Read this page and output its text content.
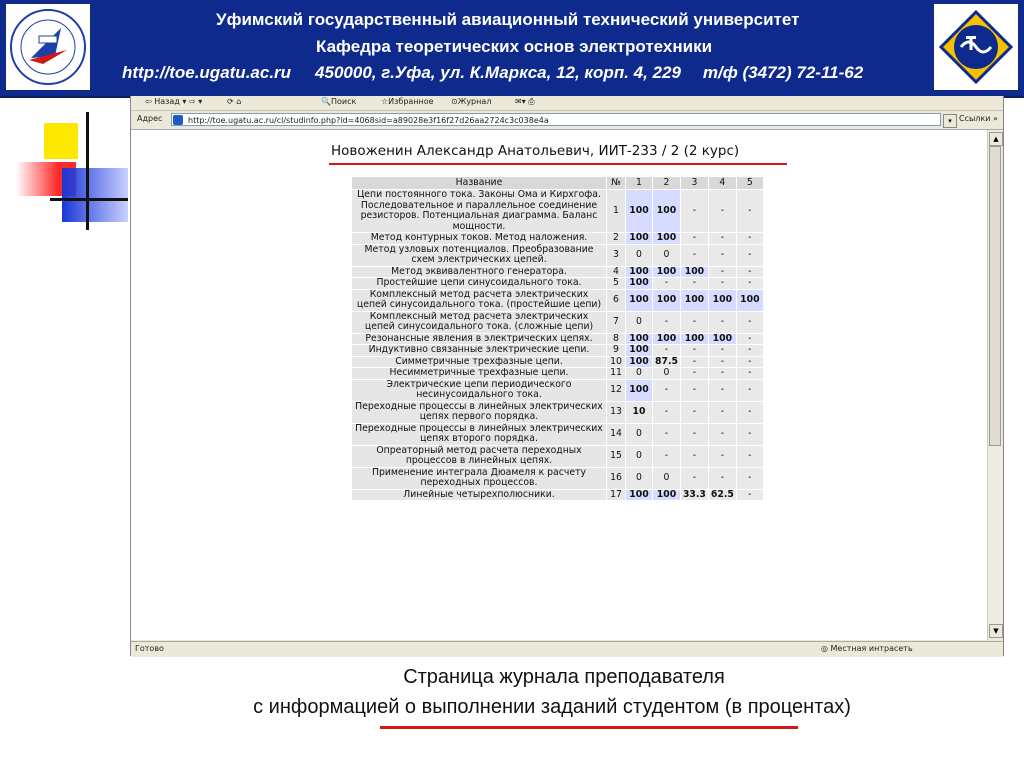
Уфимский государственный авиационный технический университет
Кафедра теоретических основ электротехники
http://toe.ugatu.ac.ru 450000, г.Уфа, ул. К.Маркса, 12, корп. 4, 229 т/ф (3472) 72-11-62
⇦ Назад ▾ ⇨ ▾	⟳ ⌂	🔍Поиск	☆Избранное ⊙Журнал	✉▾ ⎙
Адрес	http://toe.ugatu.ac.ru/cl/studinfo.php?id=4068sid=a89028e3f16f27d26aa2724c3c038e4a	▾ Ссылки »
Новоженин Александр Анатольевич, ИИТ-233 / 2 (2 курс)
Название	№	1	2	3	4	5
Цепи постоянного тока. Законы Ома и Кирхгофа. Последовательное и параллельное соединение резисторов. Потенциальная диаграмма. Баланс мощности.	1	100	100	-	-	-
Метод контурных токов. Метод наложения.	2	100	100	-	-	-
Метод узловых потенциалов. Преобразование схем электрических цепей.	3	0	0	-	-	-
Метод эквивалентного генератора.	4	100	100	100	-	-
Простейшие цепи синусоидального тока.	5	100	-	-	-	-
Комплексный метод расчета электрических цепей синусоидального тока. (простейшие цепи)	6	100	100	100	100	100
Комплексный метод расчета электрических цепей синусоидального тока. (сложные цепи)	7	0	-	-	-	-
Резонансные явления в электрических цепях.	8	100	100	100	100	-
Индуктивно связанные электрические цепи.	9	100	-	-	-	-
Симметричные трехфазные цепи.	10	100	87.5	-	-	-
Несимметричные трехфазные цепи.	11	0	0	-	-	-
Электрические цепи периодического несинусоидального тока.	12	100	-	-	-	-
Переходные процессы в линейных электрических цепях первого порядка.	13	10	-	-	-	-
Переходные процессы в линейных электрических цепях второго порядка.	14	0	-	-	-	-
Опреаторный метод расчета переходных процессов в линейных цепях.	15	0	-	-	-	-
Применение интеграла Дюамеля к расчету переходных процессов.	16	0	0	-	-	-
Линейные четырехполюсники.	17	100	100	33.3	62.5	-
▲
▼
Готово	◎ Местная интрасеть
Страница журнала преподавателя
с информацией о выполнении заданий студентом (в процентах)
